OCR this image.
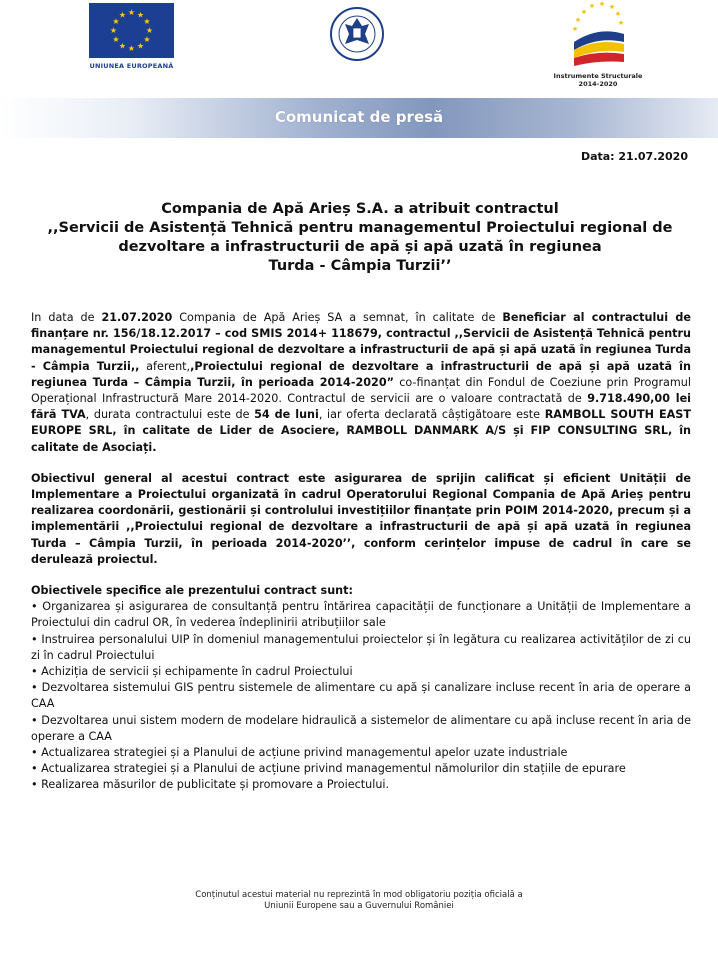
★ ★
★
★
★
★
★
★
★
★
★
★
UNIUNEA EUROPEANĂ
★
★ ★ ★
★
★	★
★
Instrumente Structurale
2014-2020
Comunicat de presă
Data: 21.07.2020
Compania de Apă Arieș S.A. a atribuit contractul
,,Servicii de Asistență Tehnică pentru managementul Proiectului regional de dezvoltare a infrastructurii de apă și apă uzată în regiunea
Turda - Câmpia Turzii’’

In data de 21.07.2020 Compania de Apă Arieș SA a semnat, în calitate de Beneficiar al contractului de finanțare nr. 156/18.12.2017 – cod SMIS 2014+ 118679, contractul ,,Servicii de Asistență Tehnică pentru managementul Proiectului regional de dezvoltare a infrastructurii de apă și apă uzată în regiunea Turda - Câmpia Turzii,, aferent,,Proiectului regional de dezvoltare a infrastructurii de apă și apă uzată în regiunea Turda – Câmpia Turzii, în perioada 2014-2020” co-finanțat din Fondul de Coeziune prin Programul Operațional Infrastructură Mare 2014-2020. Contractul de servicii are o valoare contractată de 9.718.490,00 lei fără TVA, durata contractului este de 54 de luni, iar oferta declarată câștigătoare este RAMBOLL SOUTH EAST EUROPE SRL, în calitate de Lider de Asociere, RAMBOLL DANMARK A/S și FIP CONSULTING SRL, în calitate de Asociați.

Obiectivul general al acestui contract este asigurarea de sprijin calificat și eficient Unității de Implementare a Proiectului organizată în cadrul Operatorului Regional Compania de Apă Arieș pentru realizarea coordonării, gestionării și controlului investițiilor finanțate prin POIM 2014-2020, precum și a implementării ,,Proiectului regional de dezvoltare a infrastructurii de apă și apă uzată în regiunea Turda – Câmpia Turzii, în perioada 2014-2020’’, conform cerințelor impuse de cadrul în care se derulează proiectul.

Obiectivele specifice ale prezentului contract sunt:
• Organizarea și asigurarea de consultanță pentru întărirea capacității de funcționare a Unității de Implementare a Proiectului din cadrul OR, în vederea îndeplinirii atribuțiilor sale
• Instruirea personalului UIP în domeniul managementului proiectelor și în legătura cu realizarea activităților de zi cu zi în cadrul Proiectului
• Achiziția de servicii și echipamente în cadrul Proiectului
• Dezvoltarea sistemului GIS pentru sistemele de alimentare cu apă și canalizare incluse recent în aria de operare a CAA
• Dezvoltarea unui sistem modern de modelare hidraulică a sistemelor de alimentare cu apă incluse recent în aria de operare a CAA
• Actualizarea strategiei și a Planului de acțiune privind managementul apelor uzate industriale
• Actualizarea strategiei și a Planului de acțiune privind managementul nămolurilor din stațiile de epurare
• Realizarea măsurilor de publicitate și promovare a Proiectului.
Conținutul acestui material nu reprezintă în mod obligatoriu poziția oficială a
Uniunii Europene sau a Guvernului României
